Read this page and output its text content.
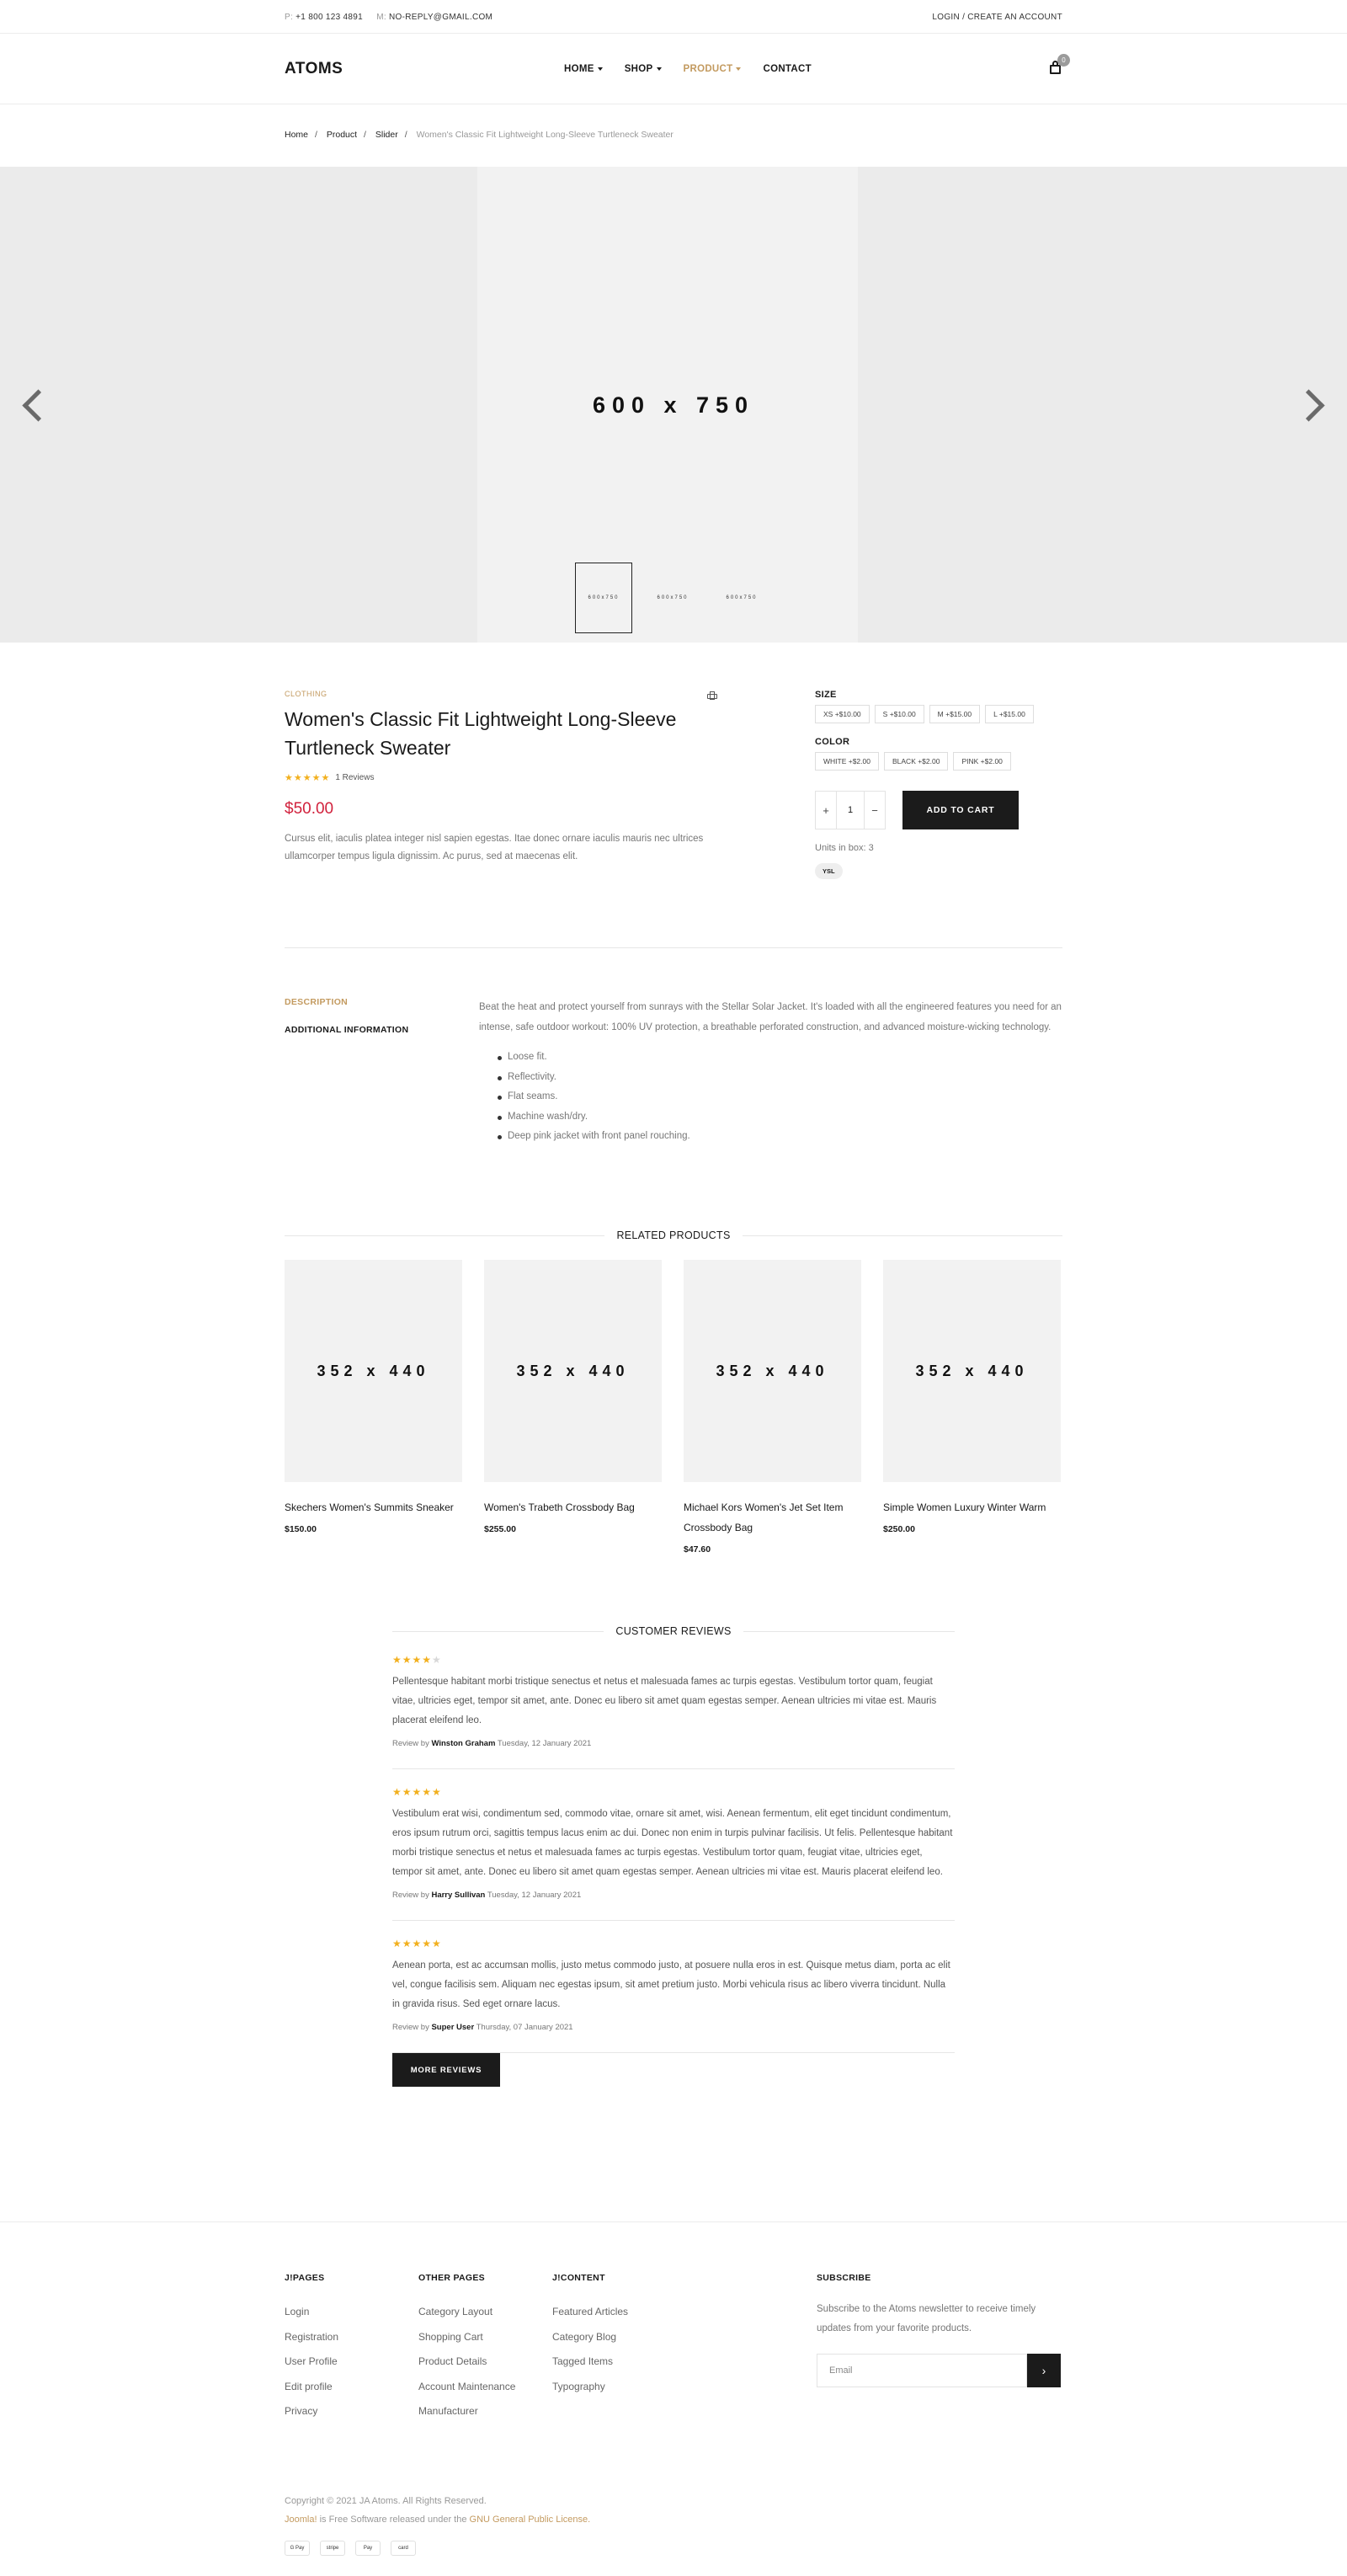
P: +1 800 123 4891 M: NO-REPLY@GMAIL.COM	LOGIN / CREATE AN ACCOUNT
ATOMS	HOME	SHOP	PRODUCT	CONTACT
0
Home / Product / Slider / Women's Classic Fit Lightweight Long-Sleeve Turtleneck Sweater
600 x 750
600x750	600x750	600x750
CLOTHING
Women's Classic Fit Lightweight Long-Sleeve Turtleneck Sweater
★★★★★ 1 Reviews
$50.00

Cursus elit, iaculis platea integer nisl sapien egestas. Itae donec ornare iaculis mauris nec ultrices ullamcorper tempus ligula dignissim. Ac purus, sed at maecenas elit.

SIZE
XS +$10.00	S +$10.00	M +$15.00	L +$15.00
COLOR
WHITE +$2.00	BLACK +$2.00	PINK +$2.00
+	1	−	ADD TO CART
Units in box: 3
YSL
DESCRIPTION
ADDITIONAL INFORMATION

Beat the heat and protect yourself from sunrays with the Stellar Solar Jacket. It's loaded with all the engineered features you need for an intense, safe outdoor workout: 100% UV protection, a breathable perforated construction, and advanced moisture-wicking technology.

Loose fit.
Reflectivity.
Flat seams.
Machine wash/dry.
Deep pink jacket with front panel rouching.
RELATED PRODUCTS
352 x 440
Skechers Women's Summits Sneaker
$150.00
352 x 440
Women's Trabeth Crossbody Bag
$255.00
352 x 440
Michael Kors Women's Jet Set Item Crossbody Bag
$47.60
352 x 440
Simple Women Luxury Winter Warm
$250.00
CUSTOMER REVIEWS
★★★★★

Pellentesque habitant morbi tristique senectus et netus et malesuada fames ac turpis egestas. Vestibulum tortor quam, feugiat vitae, ultricies eget, tempor sit amet, ante. Donec eu libero sit amet quam egestas semper. Aenean ultricies mi vitae est. Mauris placerat eleifend leo.

Review by Winston Graham Tuesday, 12 January 2021
★★★★★

Vestibulum erat wisi, condimentum sed, commodo vitae, ornare sit amet, wisi. Aenean fermentum, elit eget tincidunt condimentum, eros ipsum rutrum orci, sagittis tempus lacus enim ac dui. Donec non enim in turpis pulvinar facilisis. Ut felis. Pellentesque habitant morbi tristique senectus et netus et malesuada fames ac turpis egestas. Vestibulum tortor quam, feugiat vitae, ultricies eget, tempor sit amet, ante. Donec eu libero sit amet quam egestas semper. Aenean ultricies mi vitae est. Mauris placerat eleifend leo.

Review by Harry Sullivan Tuesday, 12 January 2021
★★★★★

Aenean porta, est ac accumsan mollis, justo metus commodo justo, at posuere nulla eros in est. Quisque metus diam, porta ac elit vel, congue facilisis sem. Aliquam nec egestas ipsum, sit amet pretium justo. Morbi vehicula risus ac libero viverra tincidunt. Nulla in gravida risus. Sed eget ornare lacus.

Review by Super User Thursday, 07 January 2021
MORE REVIEWS
J!PAGES
Login
Registration
User Profile
Edit profile
Privacy
OTHER PAGES
Category Layout
Shopping Cart
Product Details
Account Maintenance
Manufacturer
J!CONTENT
Featured Articles
Category Blog
Tagged Items
Typography
SUBSCRIBE

Subscribe to the Atoms newsletter to receive timely updates from your favorite products.

Email	›
Copyright © 2021 JA Atoms. All Rights Reserved.
Joomla! is Free Software released under the GNU General Public License.
G Pay	stripe	Pay	card
